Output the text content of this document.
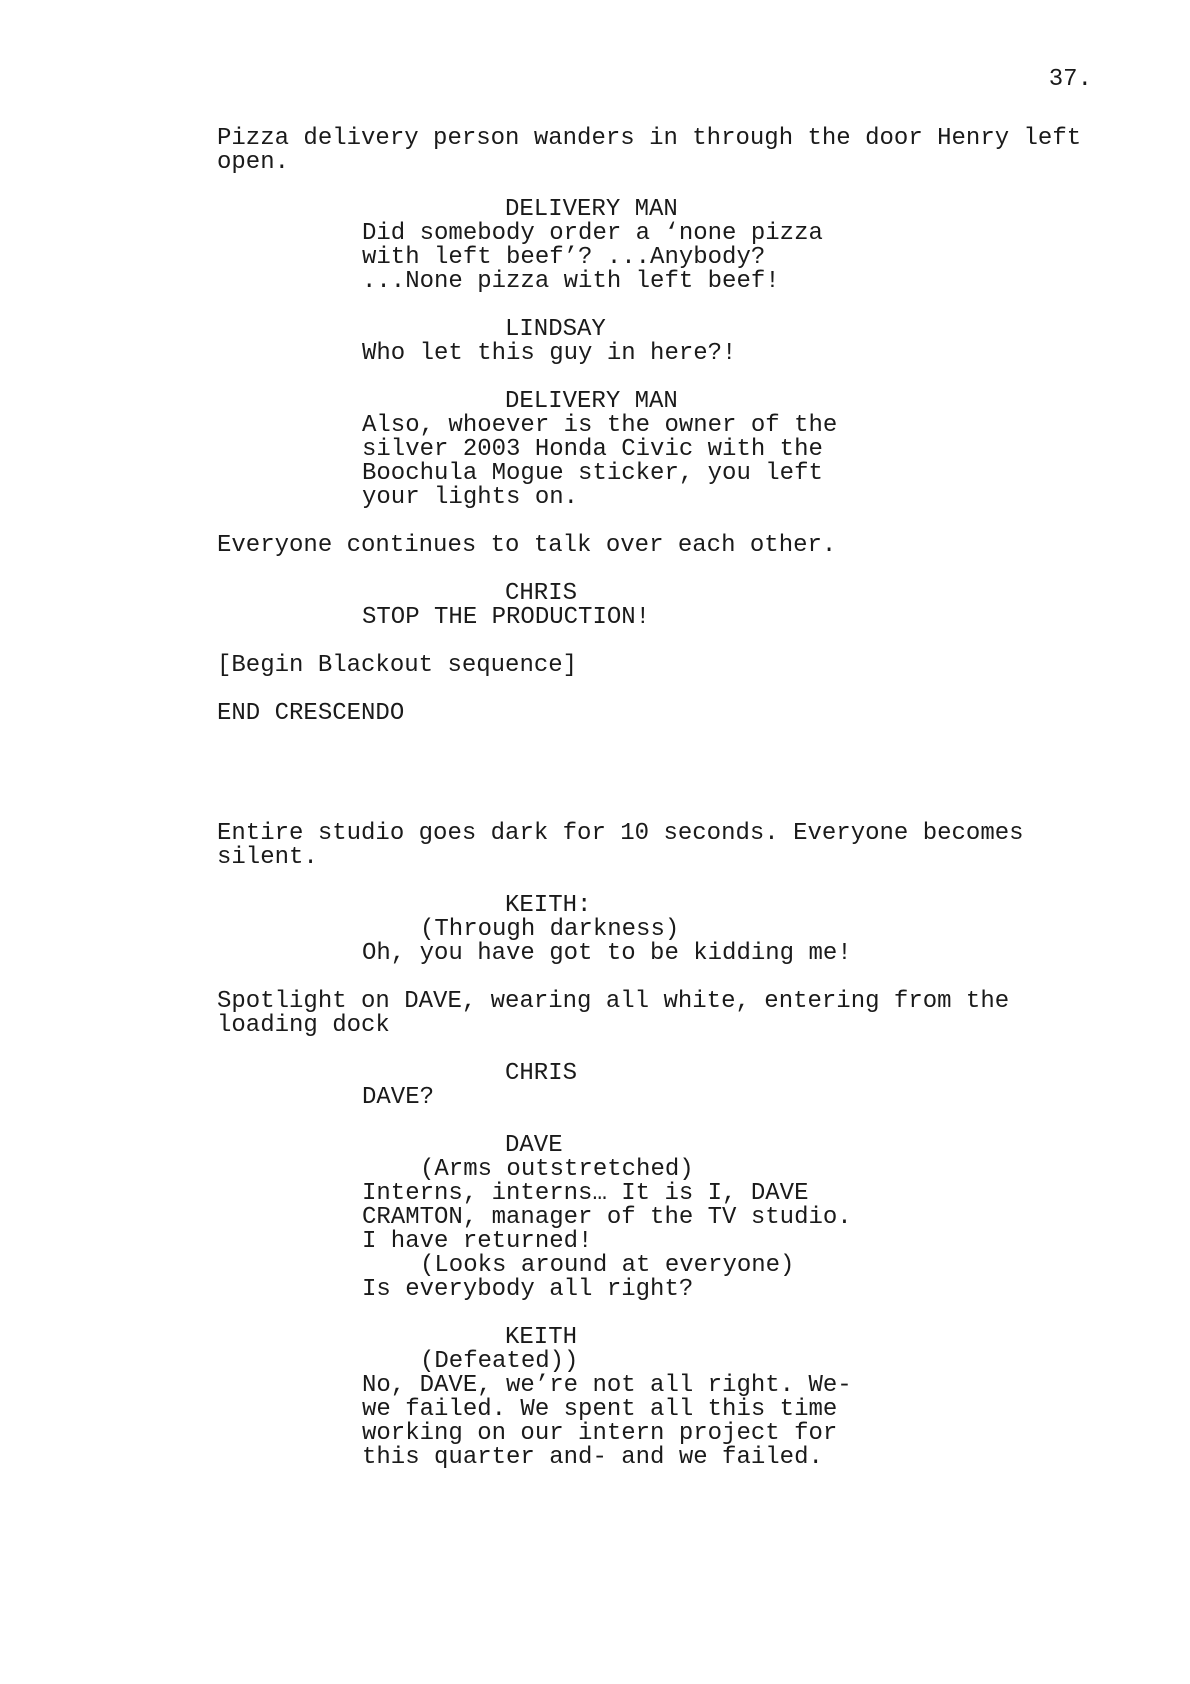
37.

Pizza delivery person wanders in through the door Henry left
open.

DELIVERY MAN

Did somebody order a ‘none pizza
with left beef’? ...Anybody?
...None pizza with left beef!

LINDSAY

Who let this guy in here?!

DELIVERY MAN

Also, whoever is the owner of the
silver 2003 Honda Civic with the
Boochula Mogue sticker, you left
your lights on.

Everyone continues to talk over each other.

CHRIS

STOP THE PRODUCTION!

[Begin Blackout sequence]

END CRESCENDO

Entire studio goes dark for 10 seconds. Everyone becomes
silent.

KEITH:

(Through darkness)

Oh, you have got to be kidding me!

Spotlight on DAVE, wearing all white, entering from the
loading dock

CHRIS

DAVE?

DAVE

(Arms outstretched)

Interns, interns… It is I, DAVE
CRAMTON, manager of the TV studio.
I have returned!

(Looks around at everyone)

Is everybody all right?

KEITH

(Defeated))

No, DAVE, we’re not all right. We-
we failed. We spent all this time
working on our intern project for
this quarter and- and we failed.
